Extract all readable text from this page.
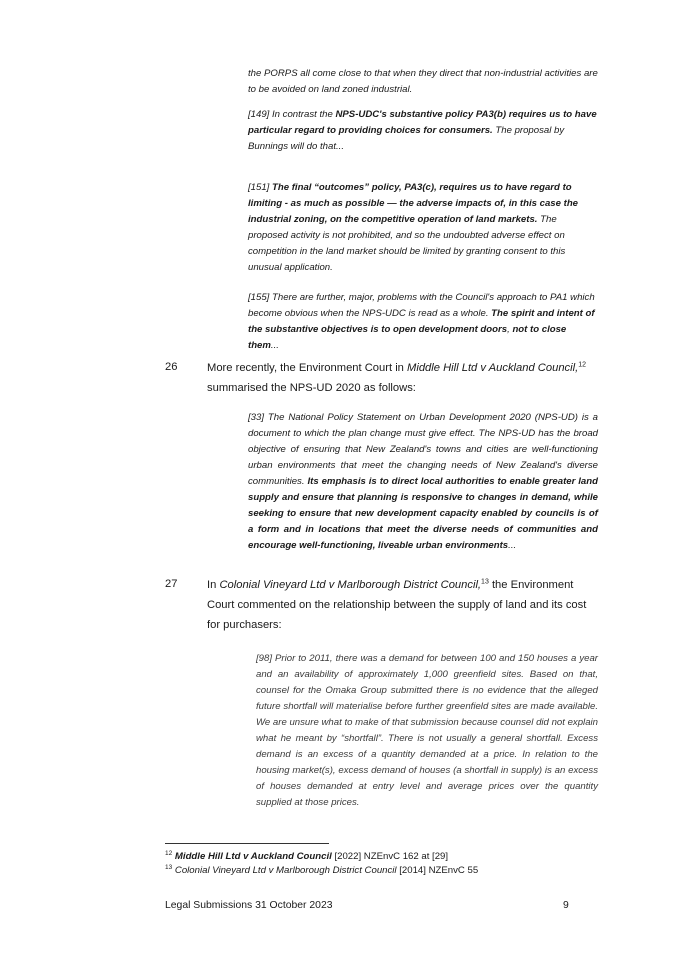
the PORPS all come close to that when they direct that non-industrial activities are to be avoided on land zoned industrial.

[149] In contrast the NPS-UDC's substantive policy PA3(b) requires us to have particular regard to providing choices for consumers. The proposal by Bunnings will do that...

[151] The final “outcomes” policy, PA3(c), requires us to have regard to limiting - as much as possible — the adverse impacts of, in this case the industrial zoning, on the competitive operation of land markets. The proposed activity is not prohibited, and so the undoubted adverse effect on competition in the land market should be limited by granting consent to this unusual application.

[155] There are further, major, problems with the Council's approach to PA1 which become obvious when the NPS-UDC is read as a whole. The spirit and intent of the substantive objectives is to open development doors, not to close them...

26	More recently, the Environment Court in Middle Hill Ltd v Auckland Council,$^{12}$ summarised the NPS-UD 2020 as follows:

[33] The National Policy Statement on Urban Development 2020 (NPS-UD) is a document to which the plan change must give effect. The NPS-UD has the broad objective of ensuring that New Zealand's towns and cities are well-functioning urban environments that meet the changing needs of New Zealand's diverse communities. Its emphasis is to direct local authorities to enable greater land supply and ensure that planning is responsive to changes in demand, while seeking to ensure that new development capacity enabled by councils is of a form and in locations that meet the diverse needs of communities and encourage well-functioning, liveable urban environments...

27	In Colonial Vineyard Ltd v Marlborough District Council,$^{13}$ the Environment Court commented on the relationship between the supply of land and its cost for purchasers:

[98] Prior to 2011, there was a demand for between 100 and 150 houses a year and an availability of approximately 1,000 greenfield sites. Based on that, counsel for the Omaka Group submitted there is no evidence that the alleged future shortfall will materialise before further greenfield sites are made available. We are unsure what to make of that submission because counsel did not explain what he meant by “shortfall”. There is not usually a general shortfall. Excess demand is an excess of a quantity demanded at a price. In relation to the housing market(s), excess demand of houses (a shortfall in supply) is an excess of houses demanded at entry level and average prices over the quantity supplied at those prices.

$^{12}$ Middle Hill Ltd v Auckland Council [2022] NZEnvC 162 at [29]
$^{13}$ Colonial Vineyard Ltd v Marlborough District Council [2014] NZEnvC 55
Legal Submissions 31 October 2023	9
